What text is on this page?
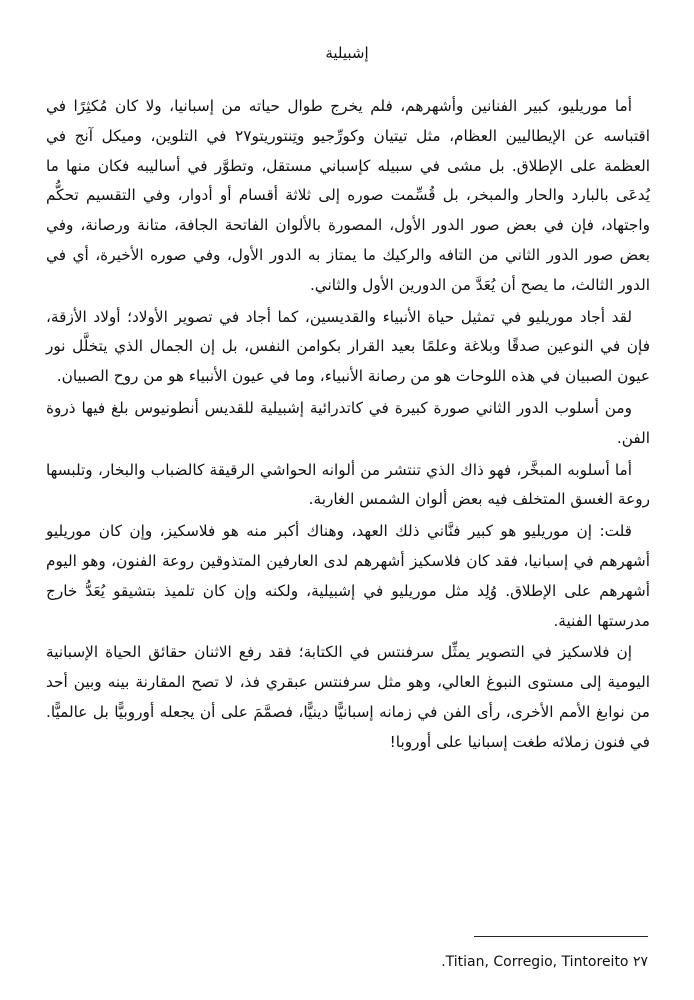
إشبيلية

أما موريليو، كبير الفنانين وأشهرهم، فلم يخرج طوال حياته من إسبانيا، ولا كان مُكثِرًا في اقتباسه عن الإيطاليين العظام، مثل تيتيان وكورِّجيو وتِنتوريتو٢٧ في التلوين، وميكل آنج في العظمة على الإطلاق. بل مشى في سبيله كإسباني مستقل، وتطوَّر في أساليبه فكان منها ما يُدعَى بالبارد والحار والمبخر، بل قُسِّمت صوره إلى ثلاثة أقسام أو أدوار، وفي التقسيم تحكُّم واجتهاد، فإن في بعض صور الدور الأول، المصورة بالألوان الفاتحة الجافة، متانة ورصانة، وفي بعض صور الدور الثاني من التافه والركيك ما يمتاز به الدور الأول، وفي صوره الأخيرة، أي في الدور الثالث، ما يصح أن يُعَدَّ من الدورين الأول والثاني.

لقد أجاد موريليو في تمثيل حياة الأنبياء والقديسين، كما أجاد في تصوير الأولاد؛ أولاد الأزقة، فإن في النوعين صدقًا وبلاغة وعلمًا بعيد القرار بكوامن النفس، بل إن الجمال الذي يتخلَّل نور عيون الصبيان في هذه اللوحات هو من رصانة الأنبياء، وما في عيون الأنبياء هو من روح الصبيان.

ومن أسلوب الدور الثاني صورة كبيرة في كاتدرائية إشبيلية للقديس أنطونيوس بلغ فيها ذروة الفن.

أما أسلوبه المبخَّر، فهو ذاك الذي تنتشر من ألوانه الحواشي الرقيقة كالضباب والبخار، وتلبسها روعة الغسق المتخلف فيه بعض ألوان الشمس الغاربة.

قلت: إن موريليو هو كبير فنَّاني ذلك العهد، وهناك أكبر منه هو فلاسكيز، وإن كان موريليو أشهرهم في إسبانيا، فقد كان فلاسكيز أشهرهم لدى العارفين المتذوقين روعة الفنون، وهو اليوم أشهرهم على الإطلاق. وُلِد مثل موريليو في إشبيلية، ولكنه وإن كان تلميذ بتشيقو يُعَدُّ خارج مدرستها الفنية.

إن فلاسكيز في التصوير يمثِّل سرفنتس في الكتابة؛ فقد رفع الاثنان حقائق الحياة الإسبانية اليومية إلى مستوى النبوغ العالي، وهو مثل سرفنتس عبقري فذ، لا تصح المقارنة بينه وبين أحد من نوابغ الأمم الأخرى، رأى الفن في زمانه إسبانيًّا دينيًّا، فصمَّمَ على أن يجعله أوروبيًّا بل عالميًّا. في فنون زملائه طغت إسبانيا على أوروبا!

٢٧ Titian, Corregio, Tintoreito.
